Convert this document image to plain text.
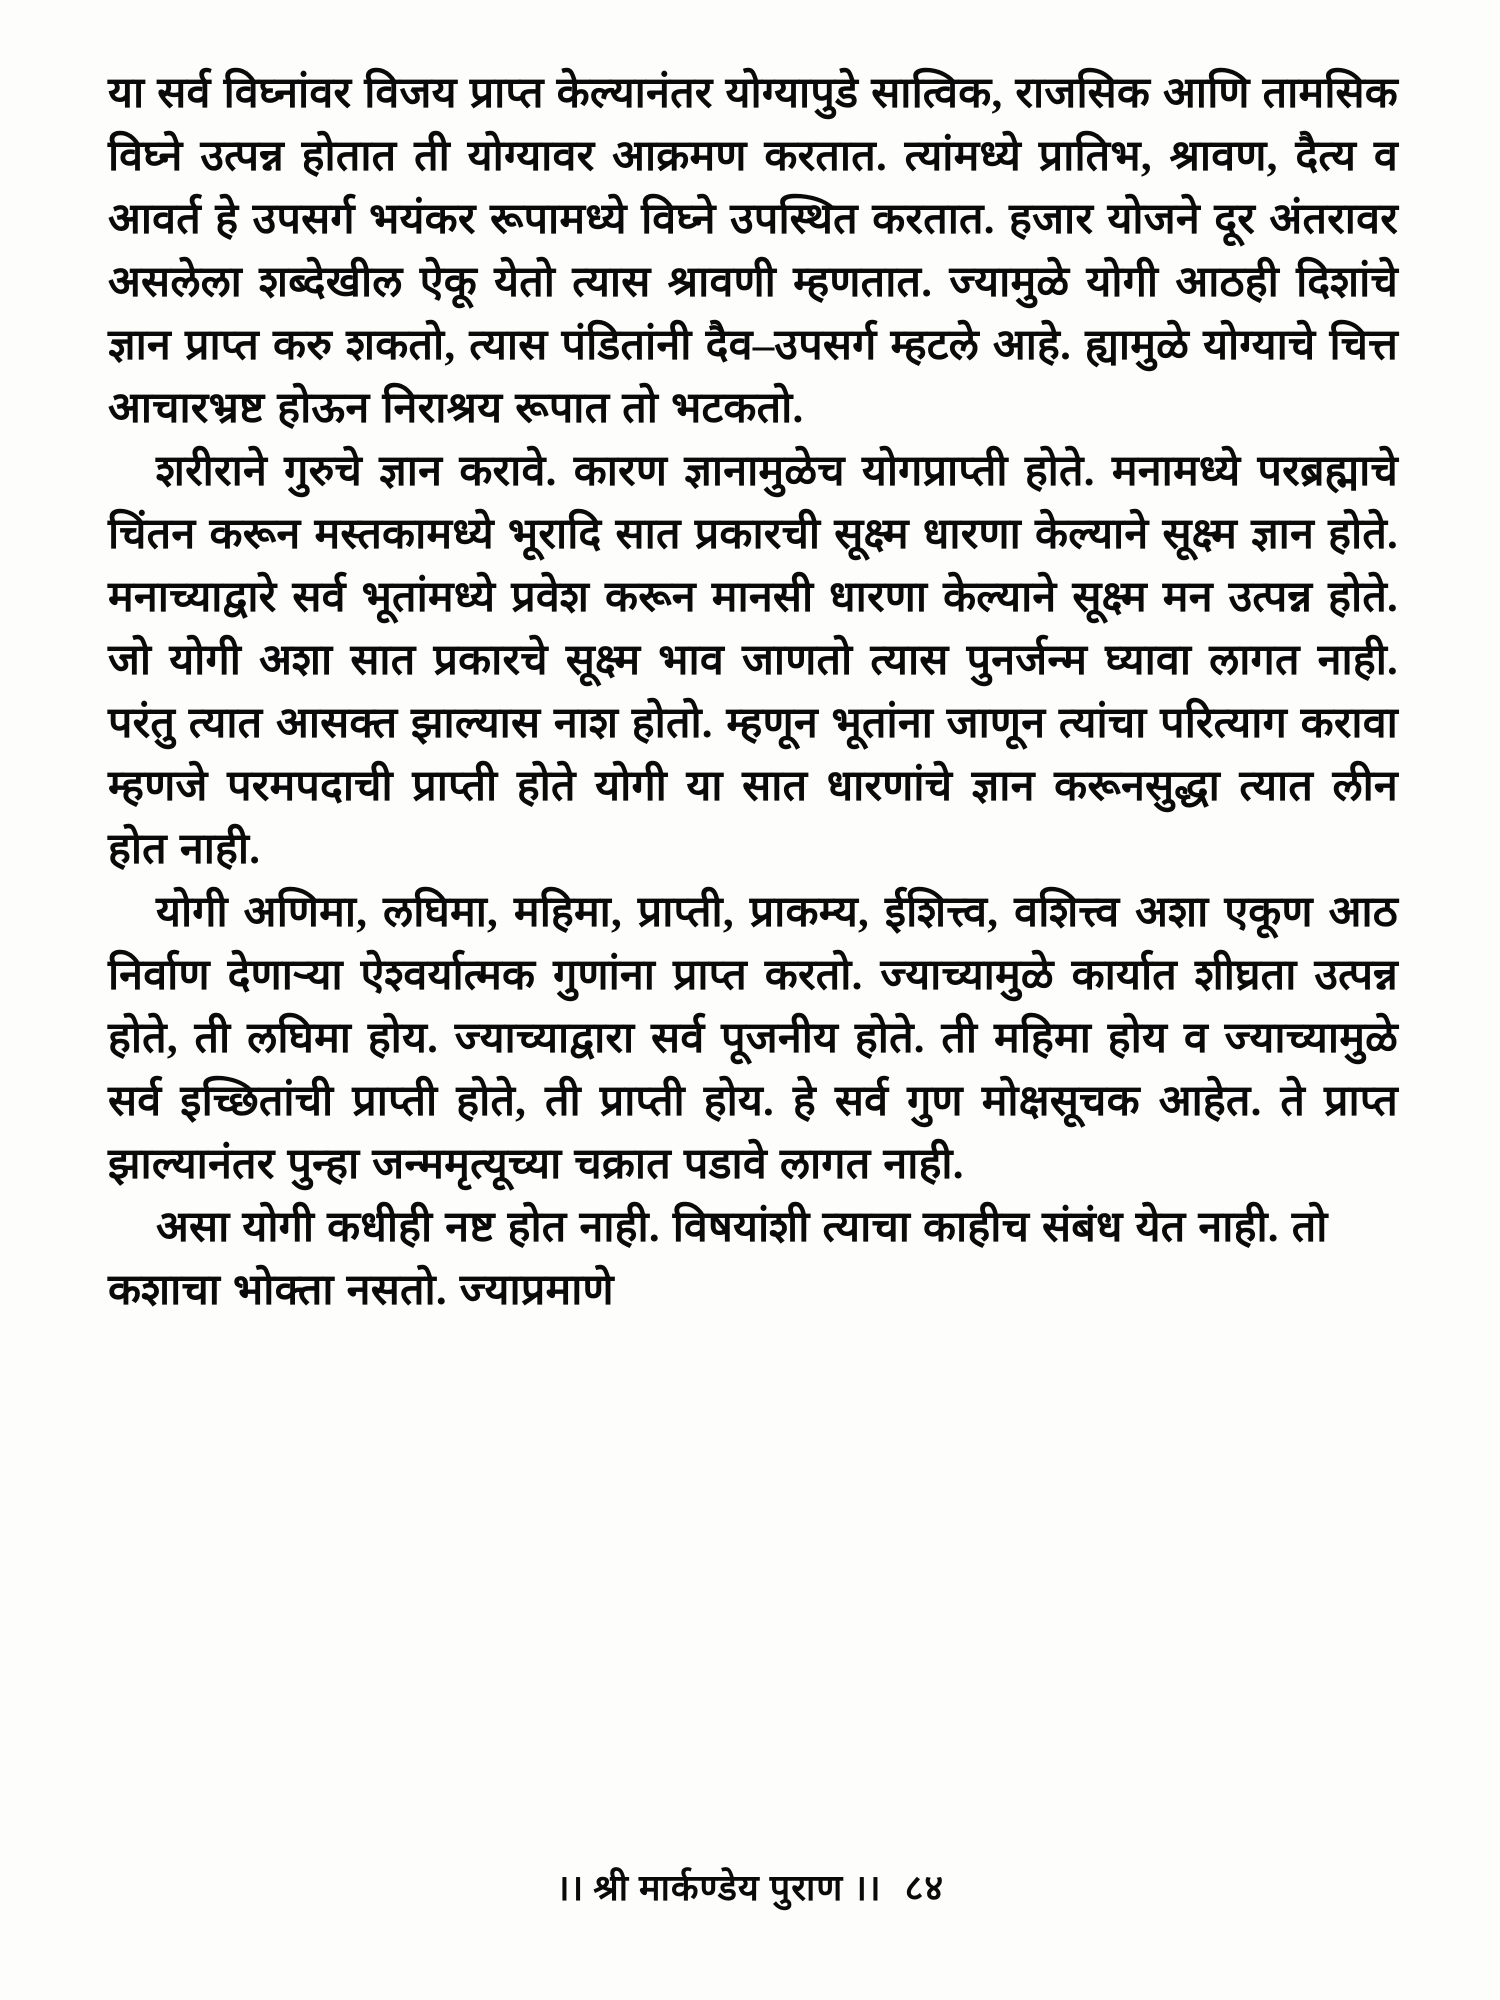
या सर्व विघ्नांवर विजय प्राप्त केल्यानंतर योग्यापुडे सात्विक, राजसिक आणि तामसिक विघ्ने उत्पन्न होतात ती योग्यावर आक्रमण करतात. त्यांमध्ये प्रातिभ, श्रावण, दैत्य व आवर्त हे उपसर्ग भयंकर रूपामध्ये विघ्ने उपस्थित करतात. हजार योजने दूर अंतरावर असलेला शब्देखील ऐकू येतो त्यास श्रावणी म्हणतात. ज्यामुळे योगी आठही दिशांचे ज्ञान प्राप्त करु शकतो, त्यास पंडितांनी दैव–उपसर्ग म्हटले आहे. ह्यामुळे योग्याचे चित्त आचारभ्रष्ट होऊन निराश्रय रूपात तो भटकतो.

शरीराने गुरुचे ज्ञान करावे. कारण ज्ञानामुळेच योगप्राप्ती होते. मनामध्ये परब्रह्माचे चिंतन करून मस्तकामध्ये भूरादि सात प्रकारची सूक्ष्म धारणा केल्याने सूक्ष्म ज्ञान होते. मनाच्याद्वारे सर्व भूतांमध्ये प्रवेश करून मानसी धारणा केल्याने सूक्ष्म मन उत्पन्न होते. जो योगी अशा सात प्रकारचे सूक्ष्म भाव जाणतो त्यास पुनर्जन्म घ्यावा लागत नाही. परंतु त्यात आसक्त झाल्यास नाश होतो. म्हणून भूतांना जाणून त्यांचा परित्याग करावा म्हणजे परमपदाची प्राप्ती होते योगी या सात धारणांचे ज्ञान करूनसुद्धा त्यात लीन होत नाही.

योगी अणिमा, लघिमा, महिमा, प्राप्ती, प्राकम्य, ईशित्त्व, वशित्त्व अशा एकूण आठ निर्वाण देणाऱ्या ऐश्वर्यात्मक गुणांना प्राप्त करतो. ज्याच्यामुळे कार्यात शीघ्रता उत्पन्न होते, ती लघिमा होय. ज्याच्याद्वारा सर्व पूजनीय होते. ती महिमा होय व ज्याच्यामुळे सर्व इच्छितांची प्राप्ती होते, ती प्राप्ती होय. हे सर्व गुण मोक्षसूचक आहेत. ते प्राप्त झाल्यानंतर पुन्हा जन्ममृत्यूच्या चक्रात पडावे लागत नाही.

असा योगी कधीही नष्ट होत नाही. विषयांशी त्याचा काहीच संबंध येत नाही. तो कशाचा भोक्ता नसतो. ज्याप्रमाणे

।। श्री मार्कण्डेय पुराण ।। ८४
